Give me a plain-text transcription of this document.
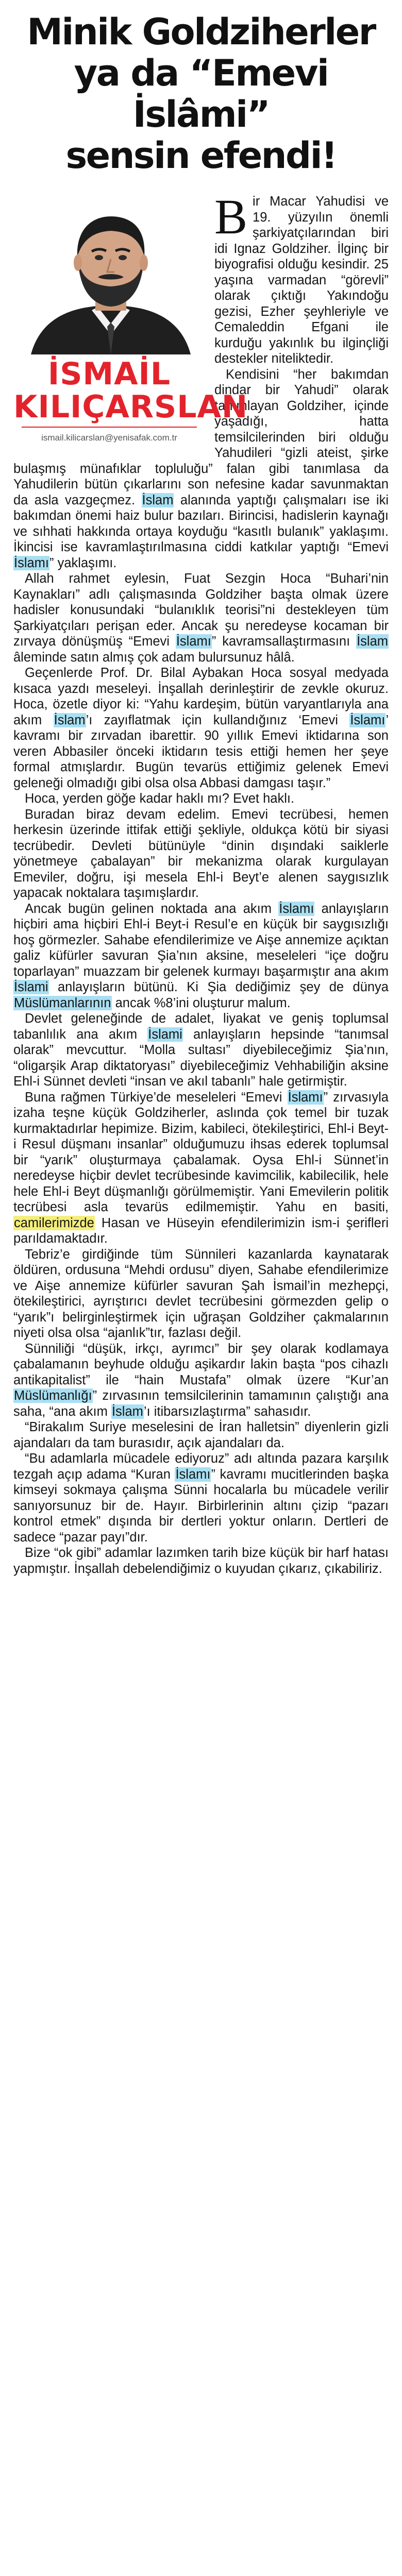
Minik Goldziherler
ya da “Emevi İslâmi”
sensin efendi!
İSMAİL
KILIÇARSLAN
ismail.kilicarslan@yenisafak.com.tr

Bir Macar Yahudisi ve 19. yüzyılın önemli şarkiyatçılarından biri idi Ignaz Goldziher. İlginç bir biyografisi olduğu kesindir. 25 yaşına varmadan “görevli” olarak çıktığı Yakındoğu gezisi, Ezher şeyhleriyle ve Cemaleddin Efgani ile kurduğu yakınlık bu ilginçliği destekler niteliktedir.

Kendisini “her bakımdan dindar bir Yahudi” olarak tanımlayan Goldziher, içinde yaşadığı, hatta temsilcilerinden biri olduğu Yahudileri “gizli ateist, şirke bulaşmış münafıklar topluluğu” falan gibi tanımlasa da Yahudilerin bütün çıkarlarını son nefesine kadar savunmaktan da asla vazgeçmez. İslam alanında yaptığı çalışmaları ise iki bakımdan önemi haiz bulur bazıları. Birincisi, hadislerin kaynağı ve sıhhati hakkında ortaya koyduğu “kasıtlı bulanık” yaklaşımı. İkincisi ise kavramlaştırılmasına ciddi katkılar yaptığı “Emevi İslamı” yaklaşımı.

Allah rahmet eylesin, Fuat Sezgin Hoca “Buhari’nin Kaynakları” adlı çalışmasında Goldziher başta olmak üzere hadisler konusundaki “bulanıklık teorisi”ni destekleyen tüm Şarkiyatçıları perişan eder. Ancak şu neredeyse kocaman bir zırvaya dönüşmüş “Emevi İslamı” kavramsallaştırmasını İslam âleminde satın almış çok adam bulursunuz hâlâ.

Geçenlerde Prof. Dr. Bilal Aybakan Hoca sosyal medyada kısaca yazdı meseleyi. İnşallah derinleştirir de zevkle okuruz. Hoca, özetle diyor ki: “Yahu kardeşim, bütün varyantlarıyla ana akım İslam’ı zayıflatmak için kullandığınız ‘Emevi İslamı’ kavramı bir zırvadan ibarettir. 90 yıllık Emevi iktidarına son veren Abbasiler önceki iktidarın tesis ettiği hemen her şeye formal atmışlardır. Bugün tevarüs ettiğimiz gelenek Emevi geleneği olmadığı gibi olsa olsa Abbasi damgası taşır.”

Hoca, yerden göğe kadar haklı mı? Evet haklı.

Buradan biraz devam edelim. Emevi tecrübesi, hemen herkesin üzerinde ittifak ettiği şekliyle, oldukça kötü bir siyasi tecrübedir. Devleti bütünüyle “dinin dışındaki saiklerle yönetmeye çabalayan” bir mekanizma olarak kurgulayan Emeviler, doğru, işi mesela Ehl-i Beyt’e alenen saygısızlık yapacak noktalara taşımışlardır.

Ancak bugün gelinen noktada ana akım İslamı anlayışların hiçbiri ama hiçbiri Ehl-i Beyt-i Resul’e en küçük bir saygısızlığı hoş görmezler. Sahabe efendilerimize ve Aişe annemize açıktan galiz küfürler savuran Şia’nın aksine, meseleleri “içe doğru toparlayan” muazzam bir gelenek kurmayı başarmıştır ana akım İslami anlayışların bütünü. Ki Şia dediğimiz şey de dünya Müslümanlarının ancak %8’ini oluşturur malum.

Devlet geleneğinde de adalet, liyakat ve geniş toplumsal tabanlılık ana akım İslami anlayışların hepsinde “tanımsal olarak” mevcuttur. “Molla sultası” diyebileceğimiz Şia’nın, “oligarşik Arap diktatoryası” diyebileceğimiz Vehhabiliğin aksine Ehl-i Sünnet devleti “insan ve akıl tabanlı” hale getirmiştir.

Buna rağmen Türkiye’de meseleleri “Emevi İslamı” zırvasıyla izaha teşne küçük Goldziherler, aslında çok temel bir tuzak kurmaktadırlar hepimize. Bizim, kabileci, ötekileştirici, Ehl-i Beyt-i Resul düşmanı insanlar” olduğumuzu ihsas ederek toplumsal bir “yarık” oluşturmaya çabalamak. Oysa Ehl-i Sünnet’in neredeyse hiçbir devlet tecrübesinde kavimcilik, kabilecilik, hele hele Ehl-i Beyt düşmanlığı görülmemiştir. Yani Emevilerin politik tecrübesi asla tevarüs edilmemiştir. Yahu en basiti, camilerimizde Hasan ve Hüseyin efendilerimizin ism-i şerifleri parıldamaktadır.

Tebriz’e girdiğinde tüm Sünnileri kazanlarda kaynatarak öldüren, ordusuna “Mehdi ordusu” diyen, Sahabe efendilerimize ve Aişe annemize küfürler savuran Şah İsmail’in mezhepçi, ötekileştirici, ayrıştırıcı devlet tecrübesini görmezden gelip o “yarık”ı belirginleştirmek için uğraşan Goldziher çakmalarının niyeti olsa olsa “ajanlık”tır, fazlası değil.

Sünniliği “düşük, irkçı, ayrımcı” bir şey olarak kodlamaya çabalamanın beyhude olduğu aşikardır lakin başta “pos cihazlı antikapitalist” ile “hain Mustafa” olmak üzere “Kur’an Müslümanlığı” zırvasının temsilcilerinin tamamının çalıştığı ana saha, “ana akım İslam’ı itibarsızlaştırma” sahasıdır.

“Birakalım Suriye meselesini de İran halletsin” diyenlerin gizli ajandaları da tam burasıdır, açık ajandaları da.

“Bu adamlarla mücadele ediyoruz” adı altında pazara karşılık tezgah açıp adama “Kuran İslamı” kavramı mucitlerinden başka kimseyi sokmaya çalışma Sünni hocalarla bu mücadele verilir sanıyorsunuz bir de. Hayır. Birbirlerinin altını çizip “pazarı kontrol etmek” dışında bir dertleri yoktur onların. Dertleri de sadece “pazar payı”dır.

Bize “ok gibi” adamlar lazımken tarih bize küçük bir harf hatası yapmıştır. İnşallah debelendiğimiz o kuyudan çıkarız, çıkabiliriz.
